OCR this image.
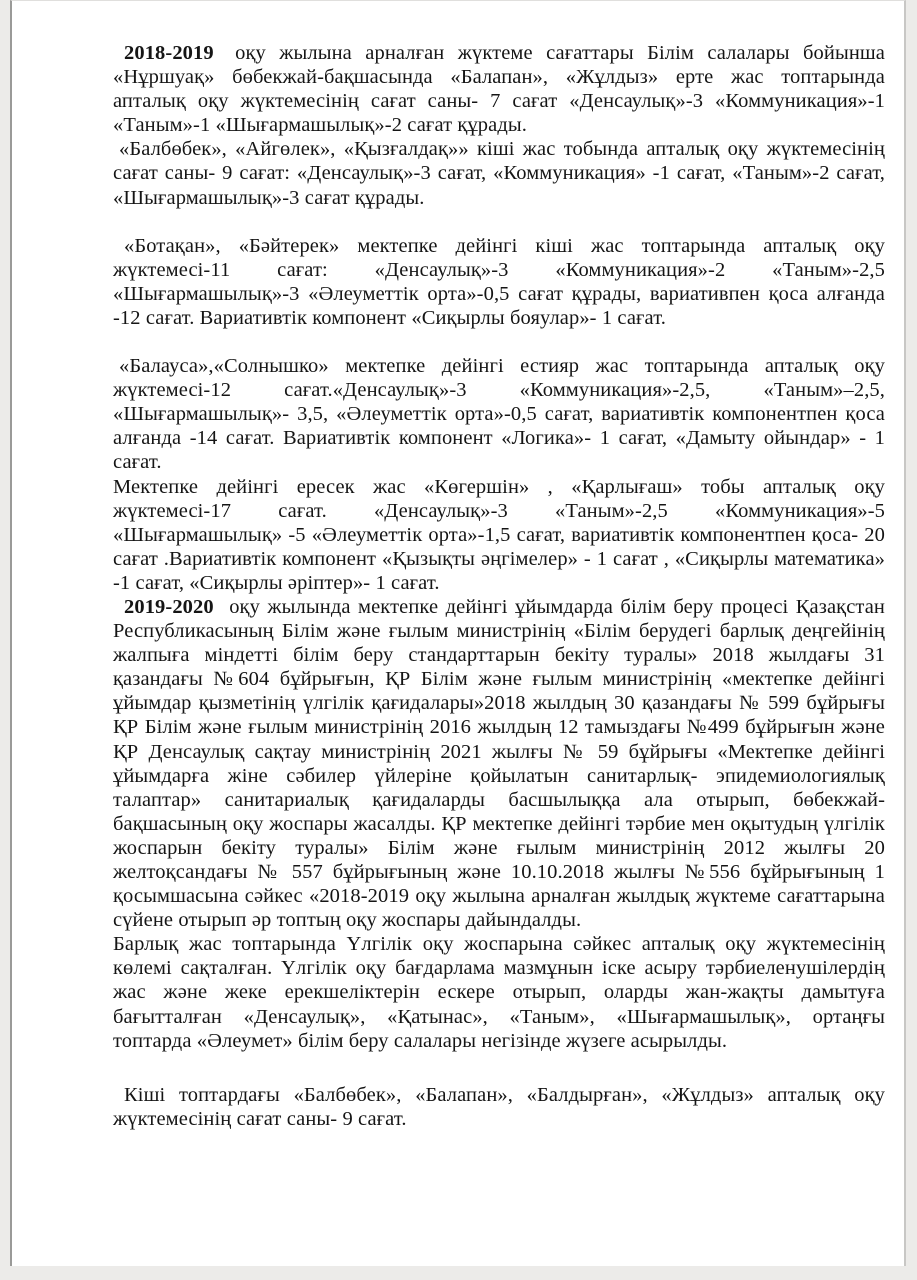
2018-2019 оқу жылына арналған жүктеме сағаттары Білім салалары бойынша «Нұршуақ» бөбекжай-бақшасында «Балапан», «Жұлдыз» ерте жас топтарында апталық оқу жүктемесінің сағат саны- 7 сағат «Денсаулық»-3 «Коммуникация»-1 «Таным»-1 «Шығармашылық»-2 сағат құрады.

«Балбөбек», «Айгөлек», «Қызғалдақ»» кіші жас тобында апталық оқу жүктемесінің сағат саны- 9 сағат: «Денсаулық»-3 сағат, «Коммуникация» -1 сағат, «Таным»-2 сағат, «Шығармашылық»-3 сағат құрады.

«Ботақан», «Бәйтерек» мектепке дейінгі кіші жас топтарында апталық оқу жүктемесі-11 сағат: «Денсаулық»-3 «Коммуникация»-2 «Таным»-2,5 «Шығармашылық»-3 «Әлеуметтік орта»-0,5 сағат құрады, вариативпен қоса алғанда -12 сағат. Вариативтік компонент «Сиқырлы бояулар»- 1 сағат.

«Балауса»,«Солнышко» мектепке дейінгі естияр жас топтарында апталық оқу жүктемесі-12 сағат.«Денсаулық»-3 «Коммуникация»-2,5, «Таным»–2,5, «Шығармашылық»- 3,5, «Әлеуметтік орта»-0,5 сағат, вариативтік компонентпен қоса алғанда -14 сағат. Вариативтік компонент «Логика»- 1 сағат, «Дамыту ойындар» - 1 сағат.

Мектепке дейінгі ересек жас «Көгершін» , «Қарлығаш» тобы апталық оқу жүктемесі-17 сағат. «Денсаулық»-3 «Таным»-2,5 «Коммуникация»-5 «Шығармашылық» -5 «Әлеуметтік орта»-1,5 сағат, вариативтік компонентпен қоса- 20 сағат .Вариативтік компонент «Қызықты әңгімелер» - 1 сағат , «Сиқырлы математика» -1 сағат, «Сиқырлы әріптер»- 1 сағат.

2019-2020 оқу жылында мектепке дейінгі ұйымдарда білім беру процесі Қазақстан Республикасының Білім және ғылым министрінің «Білім берудегі барлық деңгейінің жалпыға міндетті білім беру стандарттарын бекіту туралы» 2018 жылдағы 31 қазандағы №604 бұйрығын, ҚР Білім және ғылым министрінің «мектепке дейінгі ұйымдар қызметінің үлгілік қағидалары»2018 жылдың 30 қазандағы № 599 бұйрығы ҚР Білім және ғылым министрінің 2016 жылдың 12 тамыздағы №499 бұйрығын және ҚР Денсаулық сақтау министрінің 2021 жылғы № 59 бұйрығы «Мектепке дейінгі ұйымдарға жіне сәбилер үйлеріне қойылатын санитарлық- эпидемиологиялық талаптар» санитариалық қағидаларды басшылыққа ала отырып, бөбекжай-бақшасының оқу жоспары жасалды. ҚР мектепке дейінгі тәрбие мен оқытудың үлгілік жоспарын бекіту туралы» Білім және ғылым министрінің 2012 жылғы 20 желтоқсандағы № 557 бұйрығының және 10.10.2018 жылғы №556 бұйрығының 1 қосымшасына сәйкес «2018-2019 оқу жылына арналған жылдық жүктеме сағаттарына сүйене отырып әр топтың оқу жоспары дайындалды.

Барлық жас топтарында Үлгілік оқу жоспарына сәйкес апталық оқу жүктемесінің көлемі сақталған. Үлгілік оқу бағдарлама мазмұнын іске асыру тәрбиеленушілердің жас және жеке ерекшеліктерін ескере отырып, оларды жан-жақты дамытуға бағытталған «Денсаулық», «Қатынас», «Таным», «Шығармашылық», ортаңғы топтарда «Әлеумет» білім беру салалары негізінде жүзеге асырылды.

Кіші топтардағы «Балбөбек», «Балапан», «Балдырған», «Жұлдыз» апталық оқу жүктемесінің сағат саны- 9 сағат.
